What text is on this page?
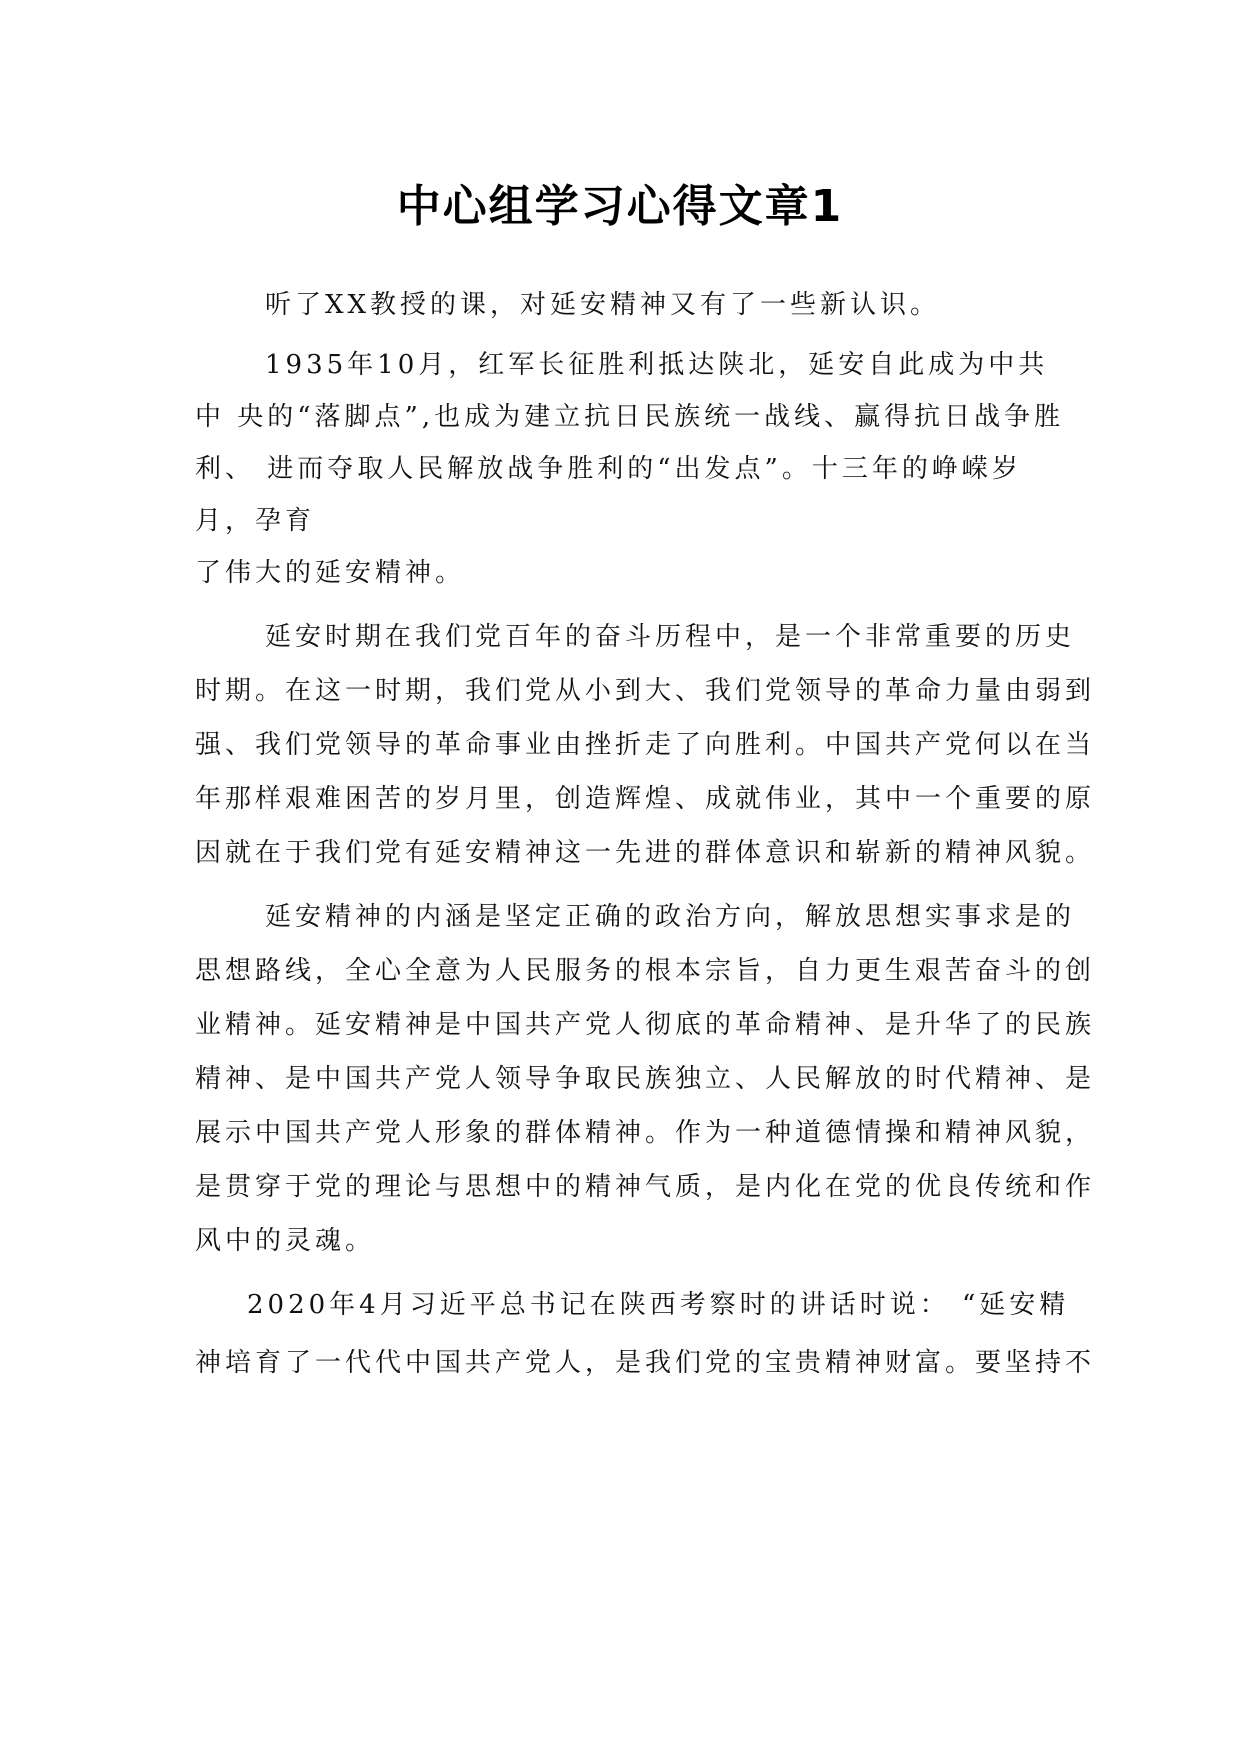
中心组学习心得文章1
听了XX教授的课，对延安精神又有了一些新认识。
1935年10月，红军长征胜利抵达陕北，延安自此成为中共
中 央的“落脚点”,也成为建立抗日民族统一战线、赢得抗日战争胜
利、 进而夺取人民解放战争胜利的“出发点”。十三年的峥嵘岁
月，孕育
了伟大的延安精神。
延安时期在我们党百年的奋斗历程中，是一个非常重要的历史
时期。在这一时期，我们党从小到大、我们党领导的革命力量由弱到
强、我们党领导的革命事业由挫折走了向胜利。中国共产党何以在当
年那样艰难困苦的岁月里，创造辉煌、成就伟业，其中一个重要的原
因就在于我们党有延安精神这一先进的群体意识和崭新的精神风貌。
延安精神的内涵是坚定正确的政治方向，解放思想实事求是的
思想路线，全心全意为人民服务的根本宗旨，自力更生艰苦奋斗的创
业精神。延安精神是中国共产党人彻底的革命精神、是升华了的民族
精神、是中国共产党人领导争取民族独立、人民解放的时代精神、是
展示中国共产党人形象的群体精神。作为一种道德情操和精神风貌，
是贯穿于党的理论与思想中的精神气质，是内化在党的优良传统和作
风中的灵魂。
2020年4月习近平总书记在陕西考察时的讲话时说： “延安精
神培育了一代代中国共产党人，是我们党的宝贵精神财富。要坚持不
